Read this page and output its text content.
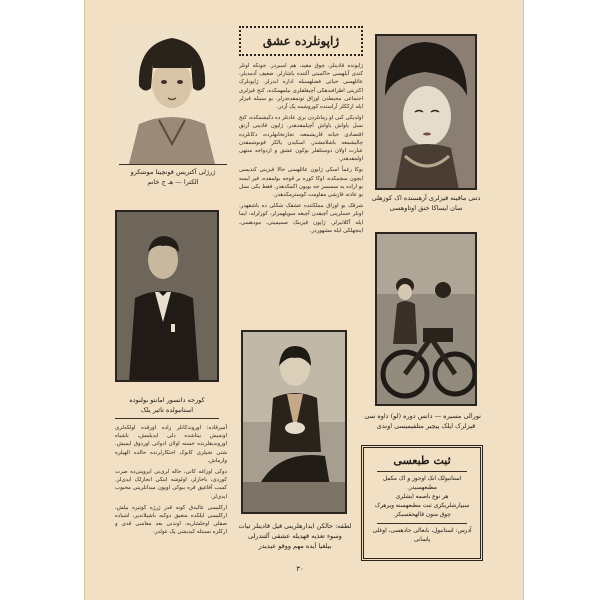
ژرژلی آکتریس قونچیتا مونتنکرو
الکترا — هـ ج خانم
ژاپونلرده عشق

ژاپونده قادینلر، چوق مقید، هم اسیردر. جونکه اونلر کندی آیلهسی حاکمیتی آلتنده یاشارلر. ضعیف آدمدیلر، عائلهسی حیاتی فضلهسیله اداره ایدرلر. ژاپونلرک اکثریتی اطرافندهکی آچیقلقلری بیلمهمکده، کنج قیزلری اجتماعی محیطدن اوزاق توتمقده‌درلر. بو سببله قیزلر ایله ارککلر آراسنده کوروشمه پک آزدر.

اولدیکی کبی او زمانلردن بری عادتلر ده دکیشمکده، کنج نسل یاواش یاواش آچیلمقدهدر. ژاپون قادینی آرتق اقتصادی حیاته قاریشمغه، تجارتخانهلرده، دکانلرده چالیشمغه باشلامشدر. اسکیدن یالکز قونوشمقدن عبارت اولان دوستلقلر بوکون عشق و ازدواجه منتهی اولمقدهدر.

بوکا رغماً اسکی ژاپون عائلهسی حالا قیزینی کندیسی ایچون سچمکده، اوکا کوره بر قوجه بولمقده، قیز ایسه بو اراده یه سسسز جه بویون اکمکدهدر. فقط یکی نسل بو عادته قارشی مقاومت کوسترمکدهدر.

شرقک بو اوزاق مملکتنده عشقک شکلی ده باشقهدر. اونلر حسلرینی آچیقدن آچیغه سویلهمزلر، کوزلرله، ایما ایله آکلاتیرلر. ژاپون قیزینک صمیمیتی، مودهسی، اینجهلکی ایله مشهوردر.

دتنی ماقینه قیزلری آرهسنده اک کوزهلی
سان ایساکا خنق اوتاوهسی
کورجه دانسور امانتو بولنوده
استانبولده تائیر یلک
نورالی مسیره — دانس دوره (لو) داوه سی
قیزلرک ایلک پیچیر متلفیمیسی اوندی
لطفه: حالکن ایدارهلرینی قیل قادینلر تیات
وسوء تغذیه قهدیله عشقی آلتندرلی
بیلغیا آیده مهم ووقو عیدیدر

آمیرقاده: اوروندکانلر زاده اورقده اولکه‌لری اوتمیش بیتاشده دلی ایدیلمش، باشیاه اوزوندیقلرنده خسته اولان ادواتی اوردوق ایمیش. شتی تجیلری کابوک احتکارلرنده حالده الهیلره وارماش.

دوکی اوزاغه کانی، حاله لری‌نی ایروپنی‌ده صرت کوردی، باخارلر، اولوشه ایتکی انجازلک ایدی‌لر. کسب آفاغیق قره بیوکی اویون میدانلرینی محبوب ایدی‌لر.

ارکلیسی عالیدق کونه قدر ژرژه کوتیره بیلش، ارکلیسی ایلکده متعیق دوکیه باشیلاندیر، اشیاده صقلی اوجلشاریه، اوندنی بعد معاسی قدی و ارکلره نسبتله کیدیشی پک غولدر.

ثبت طبعسی
استانبولک انک اوجوز و اک مکمل مطبعهسیدر.
هر نوع باصمه ایشلری
سیپارشلریکزی ثبت مطبعهسنه ویرهرک
چوق منون قالهجقسیکز.
آدرس: استانبول، بابعالی جادهسی، اوغلی پاسانی
۳۰
